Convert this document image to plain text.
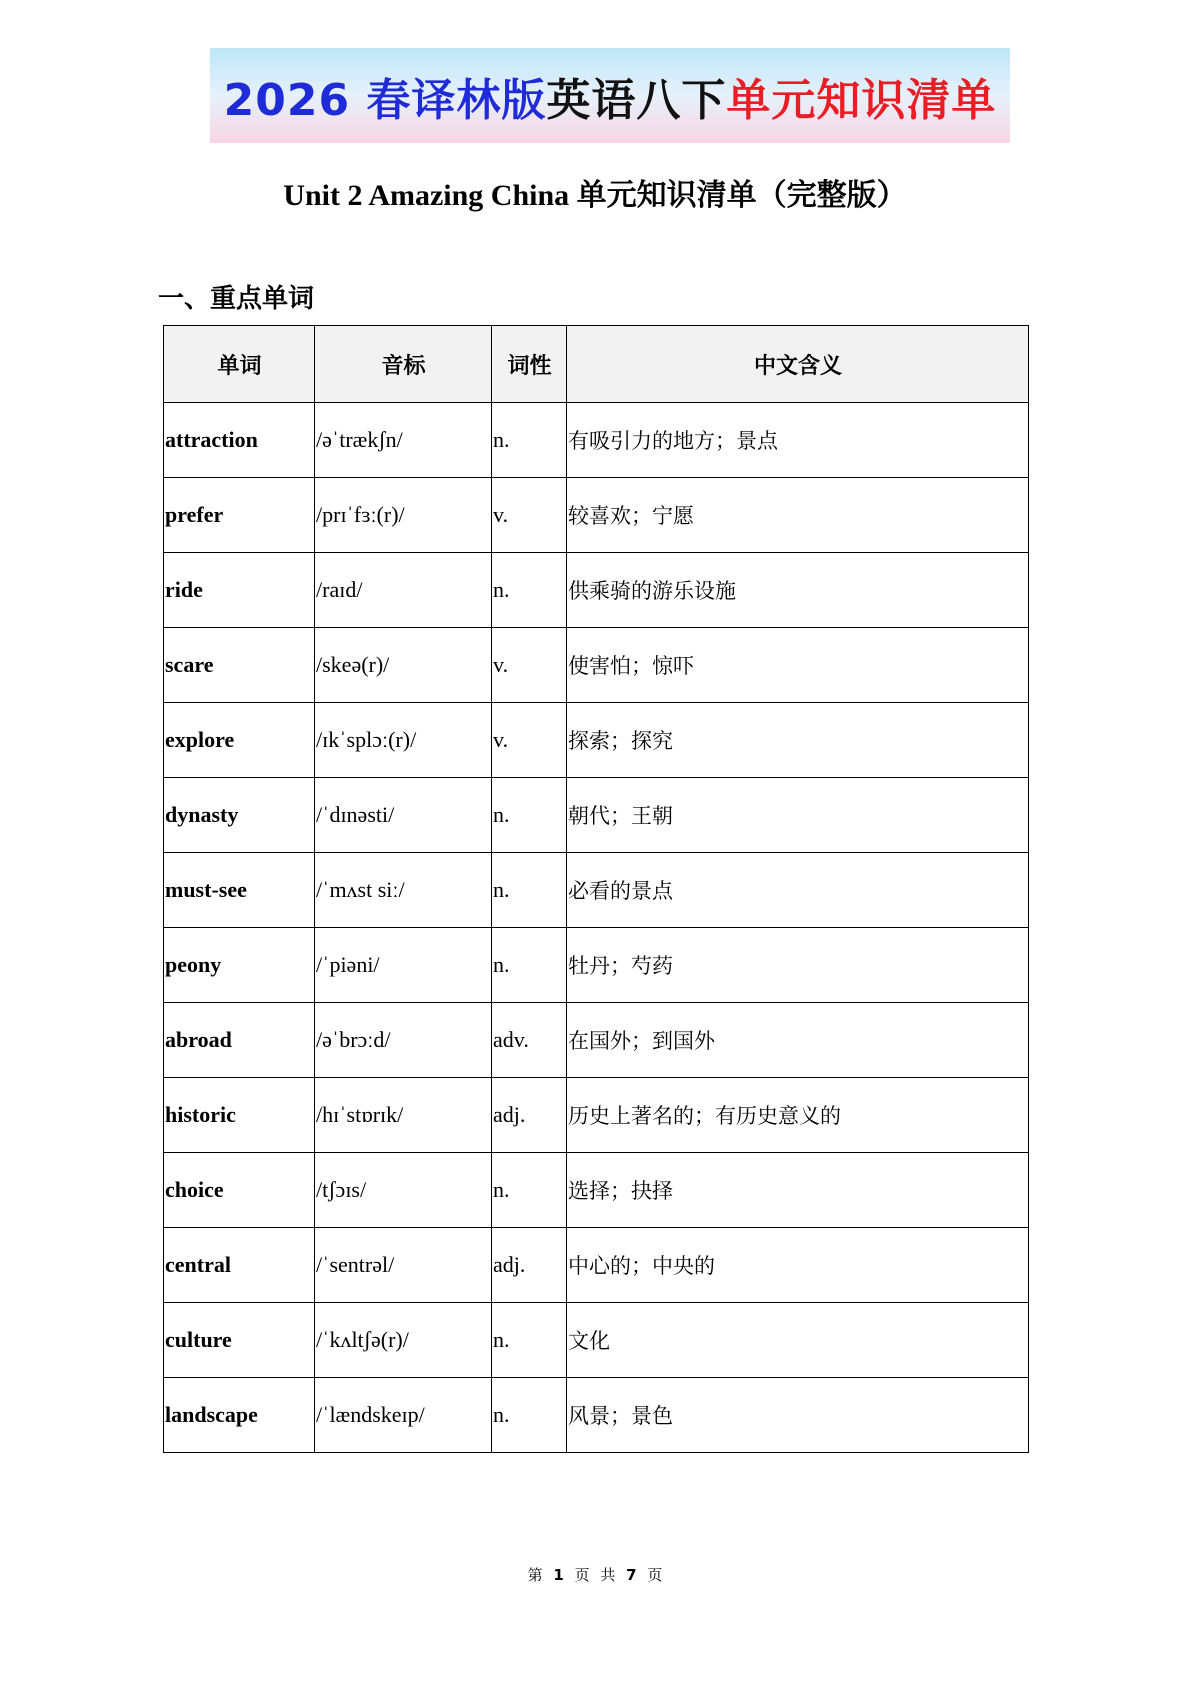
2026 春译林版英语八下单元知识清单
Unit 2 Amazing China 单元知识清单（完整版）
一、重点单词
单词	音标	词性	中文含义
attraction	/əˈtrækʃn/	n.	有吸引力的地方；景点
prefer	/prɪˈfɜː(r)/	v.	较喜欢；宁愿
ride	/raɪd/	n.	供乘骑的游乐设施
scare	/skeə(r)/	v.	使害怕；惊吓
explore	/ɪkˈsplɔː(r)/	v.	探索；探究
dynasty	/ˈdɪnəsti/	n.	朝代；王朝
must-see	/ˈmʌst siː/	n.	必看的景点
peony	/ˈpiəni/	n.	牡丹；芍药
abroad	/əˈbrɔːd/	adv.	在国外；到国外
historic	/hɪˈstɒrɪk/	adj.	历史上著名的；有历史意义的
choice	/tʃɔɪs/	n.	选择；抉择
central	/ˈsentrəl/	adj.	中心的；中央的
culture	/ˈkʌltʃə(r)/	n.	文化
landscape	/ˈlændskeɪp/	n.	风景；景色
第 1 页 共 7 页
